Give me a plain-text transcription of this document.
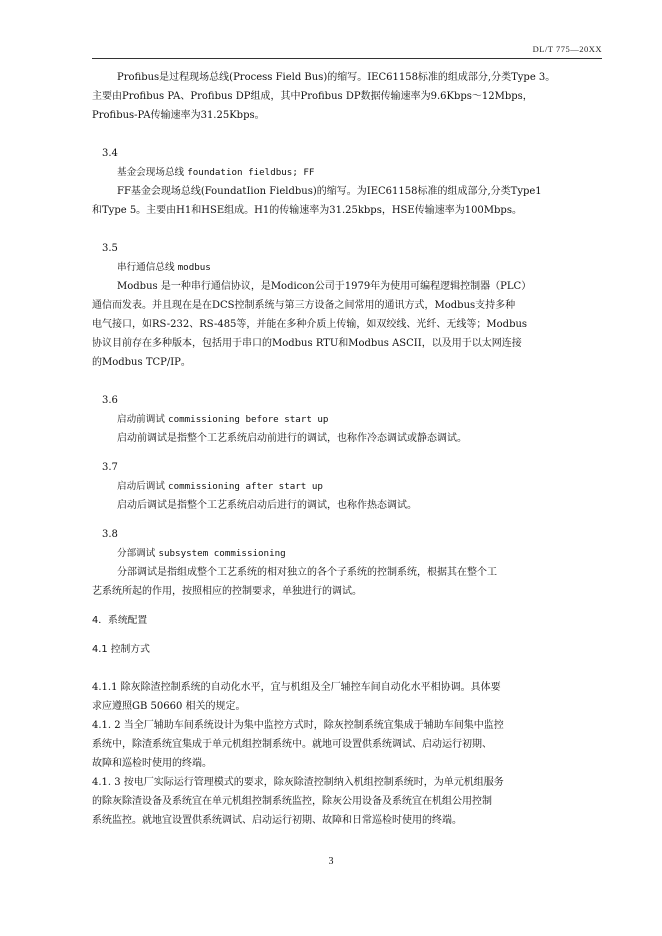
DL/T 775—20XX

Profibus是过程现场总线(Process Field Bus)的缩写。IEC61158标准的组成部分,分类Type 3。

主要由Profibus PA、Profibus DP组成，其中Profibus DP数据传输速率为9.6Kbps～12Mbps，

Profibus-PA传输速率为31.25Kbps。

3.4

基金会现场总线 foundation fieldbus; FF

FF基金会现场总线(FoundatIion Fieldbus)的缩写。为IEC61158标准的组成部分,分类Type1

和Type 5。主要由H1和HSE组成。H1的传输速率为31.25kbps，HSE传输速率为100Mbps。

3.5

串行通信总线 modbus

Modbus 是一种串行通信协议，是Modicon公司于1979年为使用可编程逻辑控制器（PLC）

通信而发表。并且现在是在DCS控制系统与第三方设备之间常用的通讯方式，Modbus支持多种

电气接口，如RS-232、RS-485等，并能在多种介质上传输，如双绞线、光纤、无线等；Modbus

协议目前存在多种版本，包括用于串口的Modbus RTU和Modbus ASCII，以及用于以太网连接

的Modbus TCP/IP。

3.6

启动前调试 commissioning before start up

启动前调试是指整个工艺系统启动前进行的调试，也称作冷态调试或静态调试。

3.7

启动后调试 commissioning after start up

启动后调试是指整个工艺系统启动后进行的调试，也称作热态调试。

3.8

分部调试 subsystem commissioning

分部调试是指组成整个工艺系统的相对独立的各个子系统的控制系统，根据其在整个工

艺系统所起的作用，按照相应的控制要求，单独进行的调试。

4．系统配置

4.1 控制方式

4.1.1 除灰除渣控制系统的自动化水平，宜与机组及全厂辅控车间自动化水平相协调。具体要

求应遵照GB 50660 相关的规定。

4.1. 2 当全厂辅助车间系统设计为集中监控方式时，除灰控制系统宜集成于辅助车间集中监控

系统中，除渣系统宜集成于单元机组控制系统中。就地可设置供系统调试、启动运行初期、

故障和巡检时使用的终端。

4.1. 3 按电厂实际运行管理模式的要求，除灰除渣控制纳入机组控制系统时，为单元机组服务

的除灰除渣设备及系统宜在单元机组控制系统监控，除灰公用设备及系统宜在机组公用控制

系统监控。就地宜设置供系统调试、启动运行初期、故障和日常巡检时使用的终端。

3
